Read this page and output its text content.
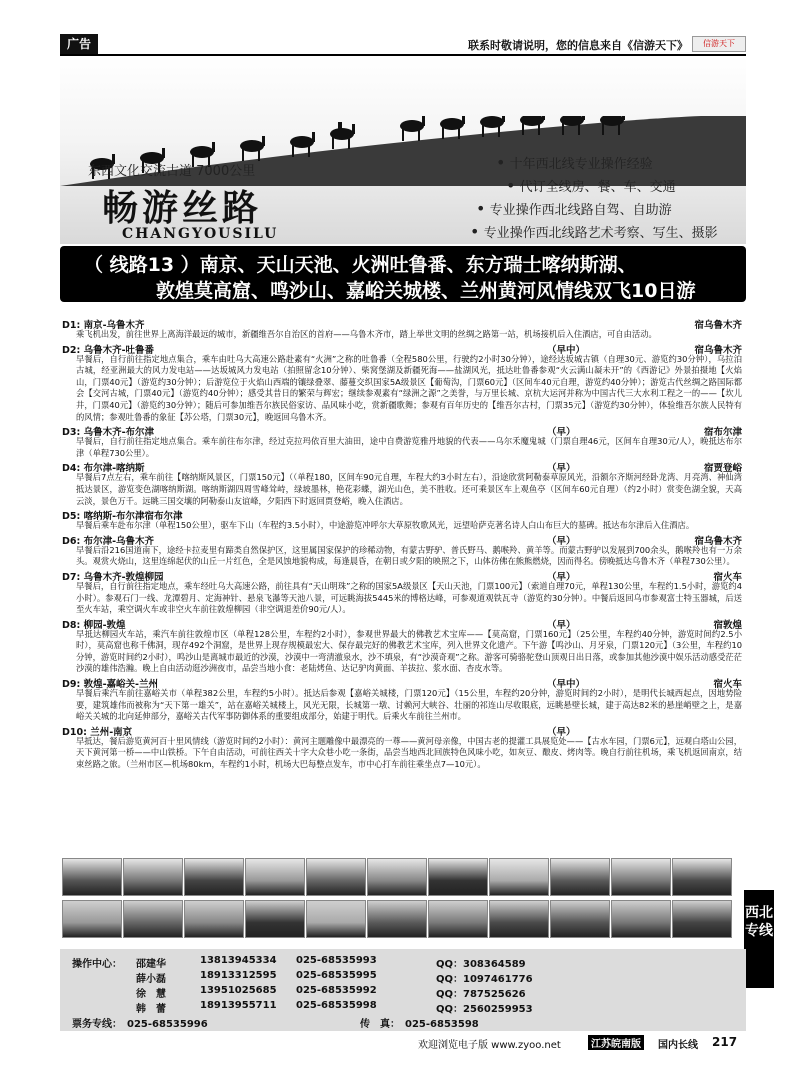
广告	联系时敬请说明，您的信息来自《信游天下》	信游天下
东西文化交流古道 7000公里
畅游丝路
CHANGYOUSILU
• 十年西北线专业操作经验
• 代订全线房、餐、车、交通
• 专业操作西北线路自驾、自助游
• 专业操作西北线路艺术考察、写生、摄影
（ 线路13 ）南京、天山天池、火洲吐鲁番、东方瑞士喀纳斯湖、
敦煌莫高窟、鸣沙山、嘉峪关城楼、兰州黄河风情线双飞10日游
D1: 南京-乌鲁木齐	宿乌鲁木齐
乘飞机出发，前往世界上离海洋最远的城市，新疆维吾尔自治区的首府——乌鲁木齐市，踏上举世文明的丝绸之路第一站，机场接机后入住酒店，可自由活动。
D2: 乌鲁木齐-吐鲁番	（早中）	宿乌鲁木齐
早餐后，自行前往指定地点集合，乘车由吐乌大高速公路赴素有“火洲”之称的吐鲁番（全程580公里，行驶约2小时30分钟），途经达坂城古镇（自理30元、游览约30分钟），乌拉泊古城，经亚洲最大的风力发电站——达坂城风力发电站（拍照留念10分钟）、柴窝堡湖及新疆死海——盐湖风光，抵达吐鲁番参观“火云满山凝未开”的《西游记》外景拍摄地【火焰山，门票40元】（游览约30分钟）；后游览位于火焰山西端的镶绿叠翠、藤蔓交织国家5A级景区【葡萄沟，门票60元】（区间车40元自理，游览约40分钟）；游览古代丝绸之路国际都会【交河古城，门票40元】（游览约40分钟）；感受其昔日的繁荣与辉宏；继续参观素有“绿洲之源”之美誉，与万里长城、京杭大运河并称为中国古代三大水利工程之一的——【坎儿井，门票40元】（游览约30分钟）；随后可参加维吾尔族民俗家访、品风味小吃，赏新疆歌舞；参观有百年历史的【维吾尔古村，门票35元】（游览约30分钟），体验维吾尔族人民特有的风情；参观吐鲁番的象征【苏公塔，门票30元】，晚返回乌鲁木齐。
D3: 乌鲁木齐-布尔津	（早）	宿布尔津
早餐后，自行前往指定地点集合。乘车前往布尔津，经过克拉玛依百里大油田，途中自费游览雅丹地貌的代表——乌尔禾魔鬼城（门票自理46元，区间车自理30元/人），晚抵达布尔津（单程730公里）。
D4: 布尔津-喀纳斯	（早）	宿贾登峪
早餐后7点左右，乘车前往【喀纳斯风景区，门票150元】（（单程180，区间车90元自理，车程大约3小时左右），沿途欣赏阿勒泰草原风光，沿额尔齐斯河经卧龙湾、月亮湾、神仙湾抵达景区，游览变色湖喀纳斯湖。喀纳斯湖四周雪峰耸峙，绿坡墨林，艳花彩蝶，湖光山色，美不胜收。还可乘景区车上观鱼亭（区间车60元自理）（约2小时）赏变色湖全貌，天高云淡，景色万千。远眺三国交壤的阿勒泰山友谊峰，夕阳西下时返回贾登峪，晚入住酒店。
D5: 喀纳斯-布尔津宿布尔津
早餐后乘车赴布尔津（单程150公里），驱车下山（车程约3.5小时），中途游览冲呼尔大草原牧歌风光，远望哈萨克著名诗人白山布巨大的墓碑。抵达布尔津后入住酒店。
D6: 布尔津-乌鲁木齐	（早）	宿乌鲁木齐
早餐后沿216国道南下，途经卡拉麦里有蹄类自然保护区，这里属国家保护的珍稀动物，有蒙古野驴、普氏野马、鹅喉羚、黄羊等。而蒙古野驴以发展到700余头，鹅喉羚也有一万余头。观赏火烧山，这里连绵起伏的山丘一片红色，全是风蚀地貌构成，每逢晨昏，在朝日或夕阳的映照之下，山体彷佛在熊熊燃烧，因而得名。傍晚抵达乌鲁木齐（单程730公里）。
D7: 乌鲁木齐-敦煌柳园	（早）	宿火车
早餐后，自行前往指定地点，乘车经吐乌大高速公路，前往具有“天山明珠”之称的国家5A级景区【天山天池，门票100元】（索道自理70元，单程130公里，车程约1.5小时，游览约4小时）。参观石门一线、龙潭碧月、定海神针、悬泉飞瀑等天池八景，可远眺海拔5445米的博格达峰，可参观道观铁瓦寺（游览约30分钟）。中餐后返回乌市参观富士特玉器城，后送至火车站，乘空调火车或非空火车前往敦煌柳园（非空调退差价90元/人）。
D8: 柳园-敦煌	（早）	宿敦煌
早抵达柳园火车站，乘汽车前往敦煌市区（单程128公里，车程约2小时），参观世界最大的佛教艺术宝库——【莫高窟，门票160元】（25公里，车程约40分钟，游览时间约2.5小时），莫高窟也称千佛洞，现存492个洞窟，是世界上现存规模最宏大、保存最完好的佛教艺术宝库，列入世界文化遗产。下午游【鸣沙山、月牙泉，门票120元】（3公里，车程约10分钟，游览时间约2小时），鸣沙山是离城市最近的沙漠，沙漠中一弯清澈泉水，沙不填泉，有“沙漠奇观”之称。游客可骑骆驼登山顶观日出日落，或参加其他沙漠中娱乐活动感受茫茫沙漠的雄伟浩瀚。晚上自由活动逛沙洲夜市，品尝当地小食：老陆烤鱼、达记驴肉黄面、羊拔拉、浆水面、杏皮水等。
D9: 敦煌-嘉峪关-兰州	（早中）	宿火车
早餐后乘汽车前往嘉峪关市（单程382公里，车程约5小时）。抵达后参观【嘉峪关城楼，门票120元】（15公里，车程约20分钟，游览时间约2小时），是明代长城西起点，因地势险要，建筑雄伟而被称为“天下第一雄关”，站在嘉峪关城楼上，风光无限，长城第一墩、讨赖河大峡谷、壮丽的祁连山尽收眼底，远眺悬壁长城，建于高达82米的悬崖峭壁之上，是嘉峪关关城的北向延伸部分，嘉峪关古代军事防御体系的重要组成部分，始建于明代。后乘火车前往兰州市。
D10: 兰州-南京	（早）
早抵达，餐后游览黄河百十里风情线（游览时间约2小时）：黄河主题雕像中最漂亮的一尊——黄河母亲像，中国古老的提灌工具展览处——【古水车园，门票6元】，远观白塔山公园，天下黄河第一桥——中山铁桥。下午自由活动，可前往西关十字大众巷小吃一条街，品尝当地西北回族特色风味小吃，如灰豆、酿皮、烤肉等。晚自行前往机场，乘飞机返回南京，结束丝路之旅。（兰州市区—机场80km，车程约1小时，机场大巴每整点发车，市中心打车前往乘坐点7—10元）。
西北专线
操作中心： 邵建华	13813945334 025-68535993	QQ：308364589
薛小磊	18913312595 025-68535995	QQ：1097461776
徐　慧	13951025685 025-68535992	QQ：787525626
韩　蕾	18913955711 025-68535998	QQ：2560259953
票务专线：　025-68535996	传　真：　025-6853598
欢迎浏览电子版 www.zyoo.net	江苏皖南版	国内长线 217
